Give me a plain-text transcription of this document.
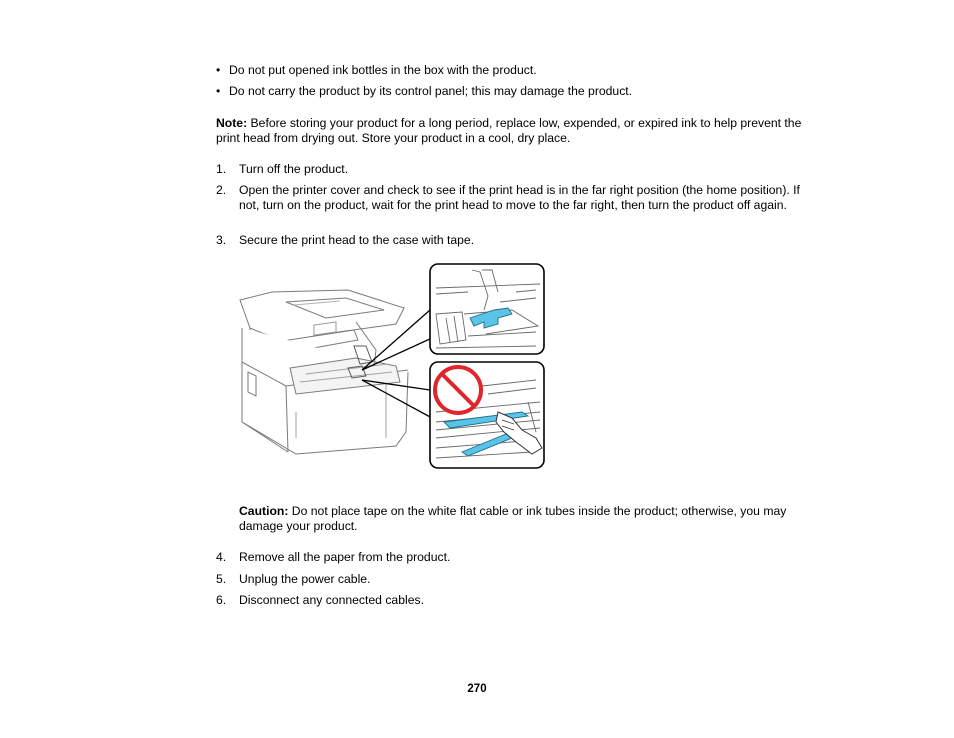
• Do not put opened ink bottles in the box with the product.
• Do not carry the product by its control panel; this may damage the product.
Note: Before storing your product for a long period, replace low, expended, or expired ink to help prevent the print head from drying out. Store your product in a cool, dry place.
1. Turn off the product.
2. Open the printer cover and check to see if the print head is in the far right position (the home position). If not, turn on the product, wait for the print head to move to the far right, then turn the product off again.
3. Secure the print head to the case with tape.
Caution: Do not place tape on the white flat cable or ink tubes inside the product; otherwise, you may damage your product.
4. Remove all the paper from the product.
5. Unplug the power cable.
6. Disconnect any connected cables.
270
